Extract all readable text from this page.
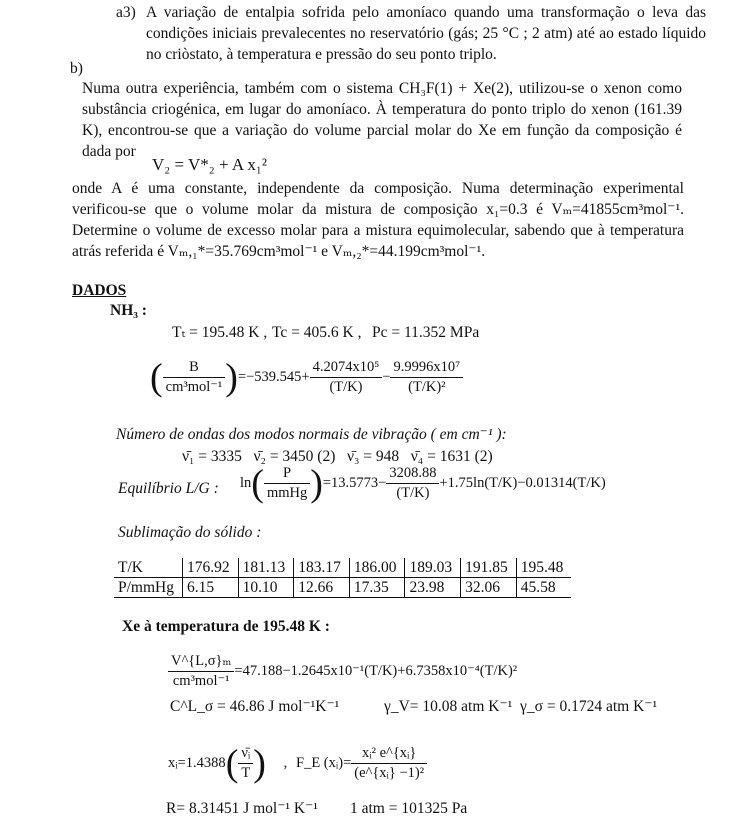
a3) A variação de entalpia sofrida pelo amoníaco quando uma transformação o leva das condições iniciais prevalecentes no reservatório (gás; 25 °C ; 2 atm) até ao estado líquido no criòstato, à temperatura e pressão do seu ponto triplo.
b)
Numa outra experiência, também com o sistema CH₃F(1) + Xe(2), utilizou-se o xenon como substância criogénica, em lugar do amoníaco. À temperatura do ponto triplo do xenon (161.39 K), encontrou-se que a variação do volume parcial molar do Xe em função da composição é dada por
V₂ = V*₂ + A x₁²
onde A é uma constante, independente da composição. Numa determinação experimental verificou-se que o volume molar da mistura de composição x₁=0.3 é Vₘ=41855cm³mol⁻¹. Determine o volume de excesso molar para a mistura equimolecular, sabendo que à temperatura atrás referida é Vₘ,₁*=35.769cm³mol⁻¹ e Vₘ,₂*=44.199cm³mol⁻¹.
DADOS
NH₃ :
Tₜ = 195.48 K , Tc = 405.6 K , Pc = 11.352 MPa
( $\frac{B}{\text{cm³mol⁻¹}} )=-539.545+ \frac{\text{4.2074x10⁵}}{(T/K)} - \frac{\text{9.9996x10⁷}}{\text{(T/K)²}}$
Número de ondas dos modos normais de vibração ( em cm⁻¹ ):
ν̄₁ = 3335   ν̄₂ = 3450 (2)   ν̄₃ = 948   ν̄₄ = 1631 (2)
Equilíbrio L/G : $\ln( \frac{P}{\text{mmHg}} )=13.5773- \frac{3208.88}{(T/K)} +1.75\ln(T/K)-0.01314(T/K)$
Sublimação do sólido :
T/K	176.92	181.13	183.17	186.00	189.03	191.85	195.48
P/mmHg	6.15	10.10	12.66	17.35	23.98	32.06	45.58
Xe à temperatura de 195.48 K :
$\frac{\text{V\textasciicircum{}\{L,σ\}ₘ}}{\text{cm³mol⁻¹}} =47.188-1.2645x10^{-1}(T/K)+6.7358x10^{-4}(T/K)^2$
C^L_σ = 46.86 J mol⁻¹K⁻¹	γ_V= 10.08 atm K⁻¹ γ_σ = 0.1724 atm K⁻¹
xᵢ=1.4388( $\frac{\text{ν̄ᵢ}}{T}$ ) , F_E (xᵢ)= $\frac{\text{xᵢ² e\textasciicircum{}\{xᵢ\}}}{\text{(e\textasciicircum{}\{xᵢ\} −1)²}}$
R= 8.31451 J mol⁻¹ K⁻¹ 1 atm = 101325 Pa
